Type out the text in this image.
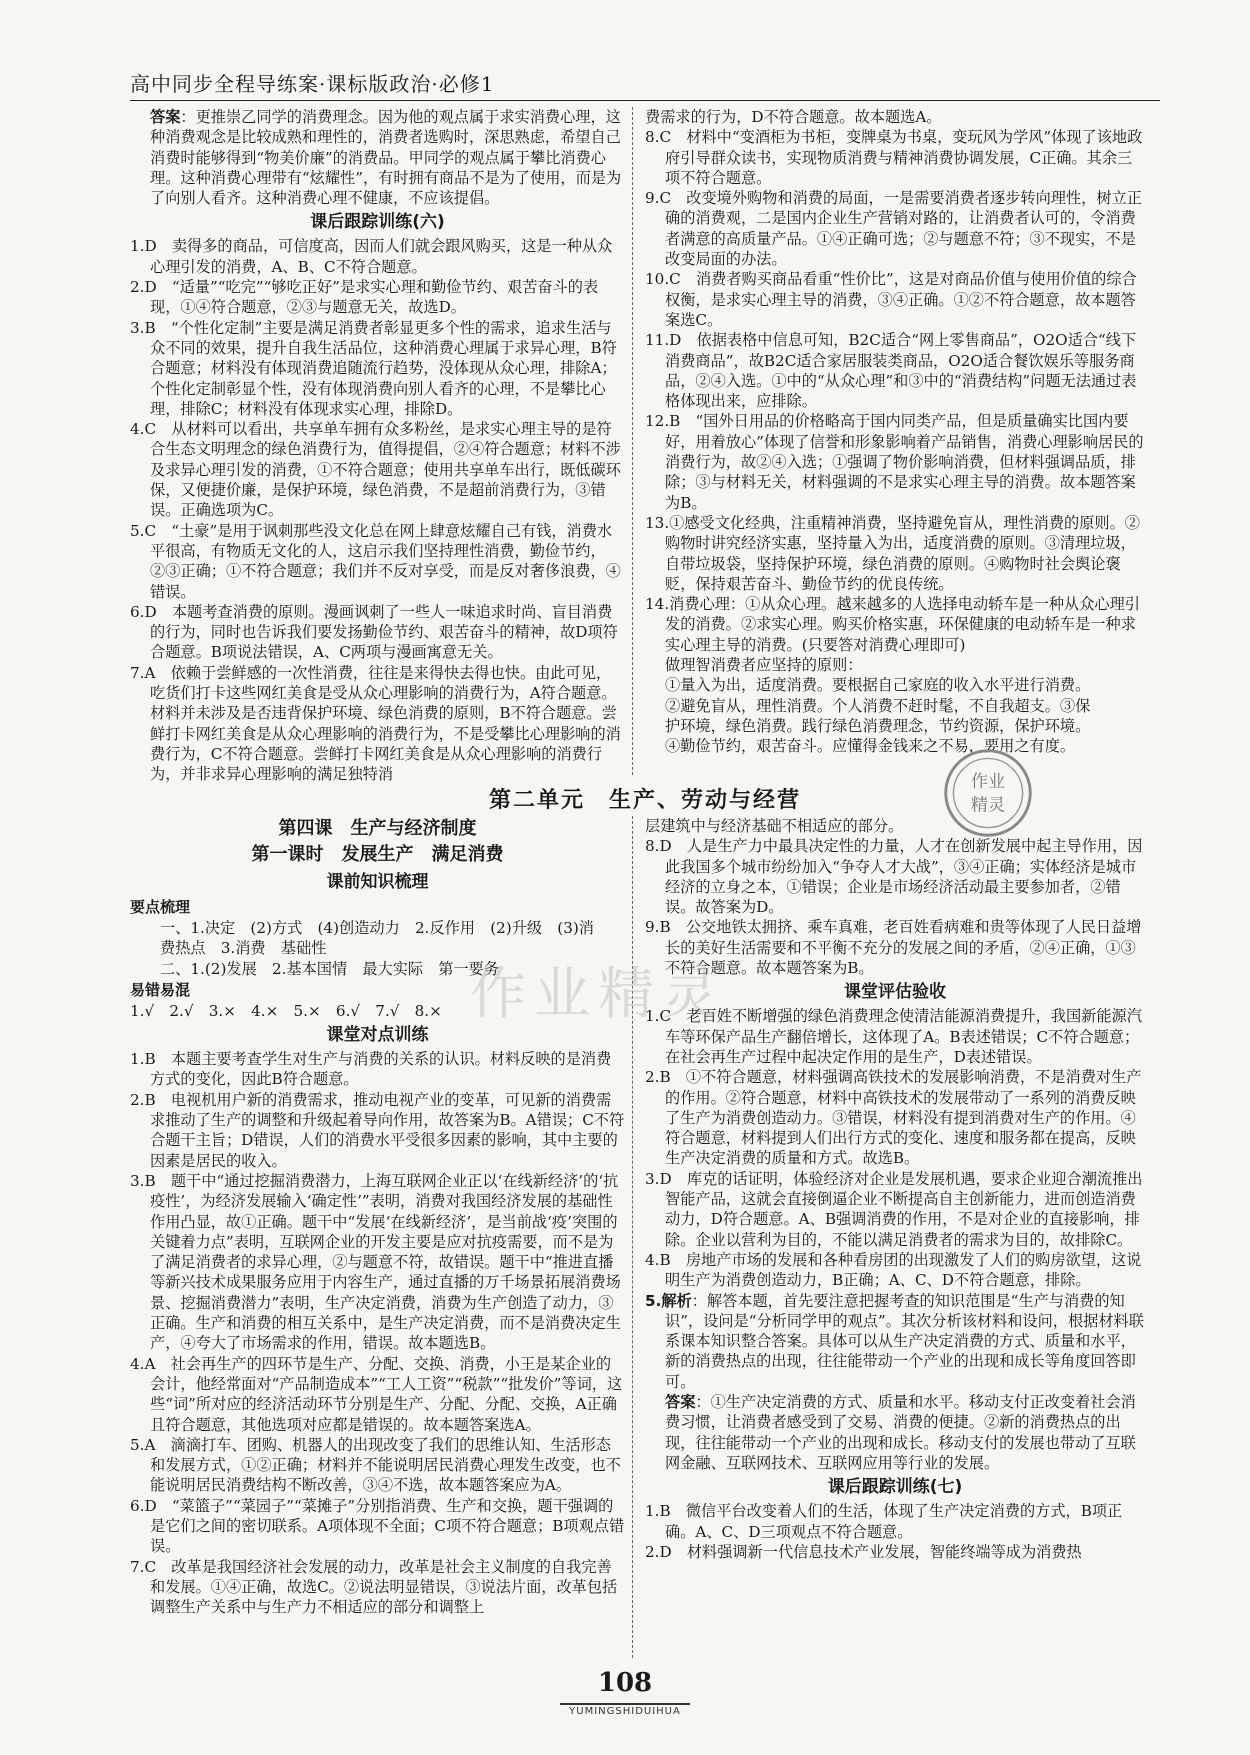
高中同步全程导练案·课标版政治·必修1
答案：更推崇乙同学的消费理念。因为他的观点属于求实消费心理，这种消费观念是比较成熟和理性的，消费者选购时，深思熟虑，希望自己消费时能够得到“物美价廉”的消费品。甲同学的观点属于攀比消费心理。这种消费心理带有“炫耀性”，有时拥有商品不是为了使用，而是为了向别人看齐。这种消费心理不健康，不应该提倡。
课后跟踪训练(六)
1.D　卖得多的商品，可信度高，因而人们就会跟风购买，这是一种从众心理引发的消费，A、B、C不符合题意。
2.D　“适量”“吃完”“够吃正好”是求实心理和勤俭节约、艰苦奋斗的表现，①④符合题意，②③与题意无关，故选D。
3.B　“个性化定制”主要是满足消费者彰显更多个性的需求，追求生活与众不同的效果，提升自我生活品位，这种消费心理属于求异心理，B符合题意；材料没有体现消费追随流行趋势，没体现从众心理，排除A；个性化定制彰显个性，没有体现消费向别人看齐的心理，不是攀比心理，排除C；材料没有体现求实心理，排除D。
4.C　从材料可以看出，共享单车拥有众多粉丝，是求实心理主导的是符合生态文明理念的绿色消费行为，值得提倡，②④符合题意；材料不涉及求异心理引发的消费，①不符合题意；使用共享单车出行，既低碳环保，又便捷价廉，是保护环境，绿色消费，不是超前消费行为，③错误。正确选项为C。
5.C　“土豪”是用于讽刺那些没文化总在网上肆意炫耀自己有钱，消费水平很高，有物质无文化的人，这启示我们坚持理性消费，勤俭节约，②③正确；①不符合题意；我们并不反对享受，而是反对奢侈浪费，④错误。
6.D　本题考查消费的原则。漫画讽刺了一些人一味追求时尚、盲目消费的行为，同时也告诉我们要发扬勤俭节约、艰苦奋斗的精神，故D项符合题意。B项说法错误，A、C两项与漫画寓意无关。
7.A　依赖于尝鲜感的一次性消费，往往是来得快去得也快。由此可见，吃货们打卡这些网红美食是受从众心理影响的消费行为，A符合题意。材料并未涉及是否违背保护环境、绿色消费的原则，B不符合题意。尝鲜打卡网红美食是从众心理影响的消费行为，不是受攀比心理影响的消费行为，C不符合题意。尝鲜打卡网红美食是从众心理影响的消费行为，并非求异心理影响的满足独特消
费需求的行为，D不符合题意。故本题选A。
8.C　材料中“变酒柜为书柜，变牌桌为书桌，变玩风为学风”体现了该地政府引导群众读书，实现物质消费与精神消费协调发展，C正确。其余三项不符合题意。
9.C　改变境外购物和消费的局面，一是需要消费者逐步转向理性，树立正确的消费观，二是国内企业生产营销对路的，让消费者认可的，令消费者满意的高质量产品。①④正确可选；②与题意不符；③不现实，不是改变局面的办法。
10.C　消费者购买商品看重“性价比”，这是对商品价值与使用价值的综合权衡，是求实心理主导的消费，③④正确。①②不符合题意，故本题答案选C。
11.D　依据表格中信息可知，B2C适合“网上零售商品”，O2O适合“线下消费商品”，故B2C适合家居服装类商品，O2O适合餐饮娱乐等服务商品，②④入选。①中的“从众心理”和③中的“消费结构”问题无法通过表格体现出来，应排除。
12.B　“国外日用品的价格略高于国内同类产品，但是质量确实比国内要好，用着放心”体现了信誉和形象影响着产品销售，消费心理影响居民的消费行为，故②④入选；①强调了物价影响消费，但材料强调品质，排除；③与材料无关，材料强调的不是求实心理主导的消费。故本题答案为B。
13.①感受文化经典，注重精神消费，坚持避免盲从，理性消费的原则。②购物时讲究经济实惠，坚持量入为出，适度消费的原则。③清理垃圾，自带垃圾袋，坚持保护环境，绿色消费的原则。④购物时社会舆论褒贬，保持艰苦奋斗、勤俭节约的优良传统。
14.消费心理：①从众心理。越来越多的人选择电动轿车是一种从众心理引发的消费。②求实心理。购买价格实惠，环保健康的电动轿车是一种求实心理主导的消费。(只要答对消费心理即可)

做理智消费者应坚持的原则：

①量入为出，适度消费。要根据自己家庭的收入水平进行消费。

②避免盲从，理性消费。个人消费不赶时髦，不自我超支。③保

护环境，绿色消费。践行绿色消费理念，节约资源，保护环境。

④勤俭节约，艰苦奋斗。应懂得金钱来之不易，要用之有度。

第二单元　生产、劳动与经营
第四课　生产与经济制度
第一课时　发展生产　满足消费
课前知识梳理
要点梳理

一、1.决定　(2)方式　(4)创造动力　2.反作用　(2)升级　(3)消

费热点　3.消费　基础性

二、1.(2)发展　2.基本国情　最大实际　第一要务

易错易混

1.√　2.√　3.×　4.×　5.×　6.√　7.√　8.×

课堂对点训练
1.B　本题主要考查学生对生产与消费的关系的认识。材料反映的是消费方式的变化，因此B符合题意。
2.B　电视机用户新的消费需求，推动电视产业的变革，可见新的消费需求推动了生产的调整和升级起着导向作用，故答案为B。A错误；C不符合题干主旨；D错误，人们的消费水平受很多因素的影响，其中主要的因素是居民的收入。
3.B　题干中“通过挖掘消费潜力，上海互联网企业正以‘在线新经济’的‘抗疫性’，为经济发展输入‘确定性’”表明，消费对我国经济发展的基础性作用凸显，故①正确。题干中“发展‘在线新经济’，是当前战‘疫’突围的关键着力点”表明，互联网企业的开发主要是应对抗疫需要，而不是为了满足消费者的求异心理，②与题意不符，故错误。题干中“推进直播等新兴技术成果服务应用于内容生产，通过直播的万千场景拓展消费场景、挖掘消费潜力”表明，生产决定消费，消费为生产创造了动力，③正确。生产和消费的相互关系中，是生产决定消费，而不是消费决定生产，④夸大了市场需求的作用，错误。故本题选B。
4.A　社会再生产的四环节是生产、分配、交换、消费，小王是某企业的会计，他经常面对“产品制造成本”“工人工资”“税款”“批发价”等词，这些“词”所对应的经济活动环节分别是生产、分配、分配、交换，A正确且符合题意，其他选项对应都是错误的。故本题答案选A。
5.A　滴滴打车、团购、机器人的出现改变了我们的思维认知、生活形态和发展方式，①②正确；材料并不能说明居民消费心理发生改变，也不能说明居民消费结构不断改善，③④不选，故本题答案应为A。
6.D　“菜篮子”“菜园子”“菜摊子”分别指消费、生产和交换，题干强调的是它们之间的密切联系。A项体现不全面；C项不符合题意；B项观点错误。
7.C　改革是我国经济社会发展的动力，改革是社会主义制度的自我完善和发展。①④正确，故选C。②说法明显错误，③说法片面，改革包括调整生产关系中与生产力不相适应的部分和调整上
层建筑中与经济基础不相适应的部分。
8.D　人是生产力中最具决定性的力量，人才在创新发展中起主导作用，因此我国多个城市纷纷加入“争夺人才大战”，③④正确；实体经济是城市经济的立身之本，①错误；企业是市场经济活动最主要参加者，②错误。故答案为D。
9.B　公交地铁太拥挤、乘车真难，老百姓看病难和贵等体现了人民日益增长的美好生活需要和不平衡不充分的发展之间的矛盾，②④正确，①③不符合题意。故本题答案为B。
课堂评估验收
1.C　老百姓不断增强的绿色消费理念使清洁能源消费提升，我国新能源汽车等环保产品生产翻倍增长，这体现了A。B表述错误；C不符合题意；在社会再生产过程中起决定作用的是生产，D表述错误。
2.B　①不符合题意，材料强调高铁技术的发展影响消费，不是消费对生产的作用。②符合题意，材料中高铁技术的发展带动了一系列的消费反映了生产为消费创造动力。③错误，材料没有提到消费对生产的作用。④符合题意，材料提到人们出行方式的变化、速度和服务都在提高，反映生产决定消费的质量和方式。故选B。
3.D　库克的话证明，体验经济对企业是发展机遇，要求企业迎合潮流推出智能产品，这就会直接倒逼企业不断提高自主创新能力，进而创造消费动力，D符合题意。A、B强调消费的作用，不是对企业的直接影响，排除。企业以营利为目的，不能以满足消费者的需求为目的，故排除C。
4.B　房地产市场的发展和各种看房团的出现激发了人们的购房欲望，这说明生产为消费创造动力，B正确；A、C、D不符合题意，排除。
5.解析：解答本题，首先要注意把握考查的知识范围是“生产与消费的知识”，设问是“分析同学甲的观点”。其次分析该材料和设问，根据材料联系课本知识整合答案。具体可以从生产决定消费的方式、质量和水平，新的消费热点的出现，往往能带动一个产业的出现和成长等角度回答即可。
答案：①生产决定消费的方式、质量和水平。移动支付正改变着社会消费习惯，让消费者感受到了交易、消费的便捷。②新的消费热点的出现，往往能带动一个产业的出现和成长。移动支付的发展也带动了互联网金融、互联网技术、互联网应用等行业的发展。
课后跟踪训练(七)
1.B　微信平台改变着人们的生活，体现了生产决定消费的方式，B项正确。A、C、D三项观点不符合题意。
2.D　材料强调新一代信息技术产业发展，智能终端等成为消费热
作业精灵
作业
精灵
108
YUMINGSHIDUIHUA
